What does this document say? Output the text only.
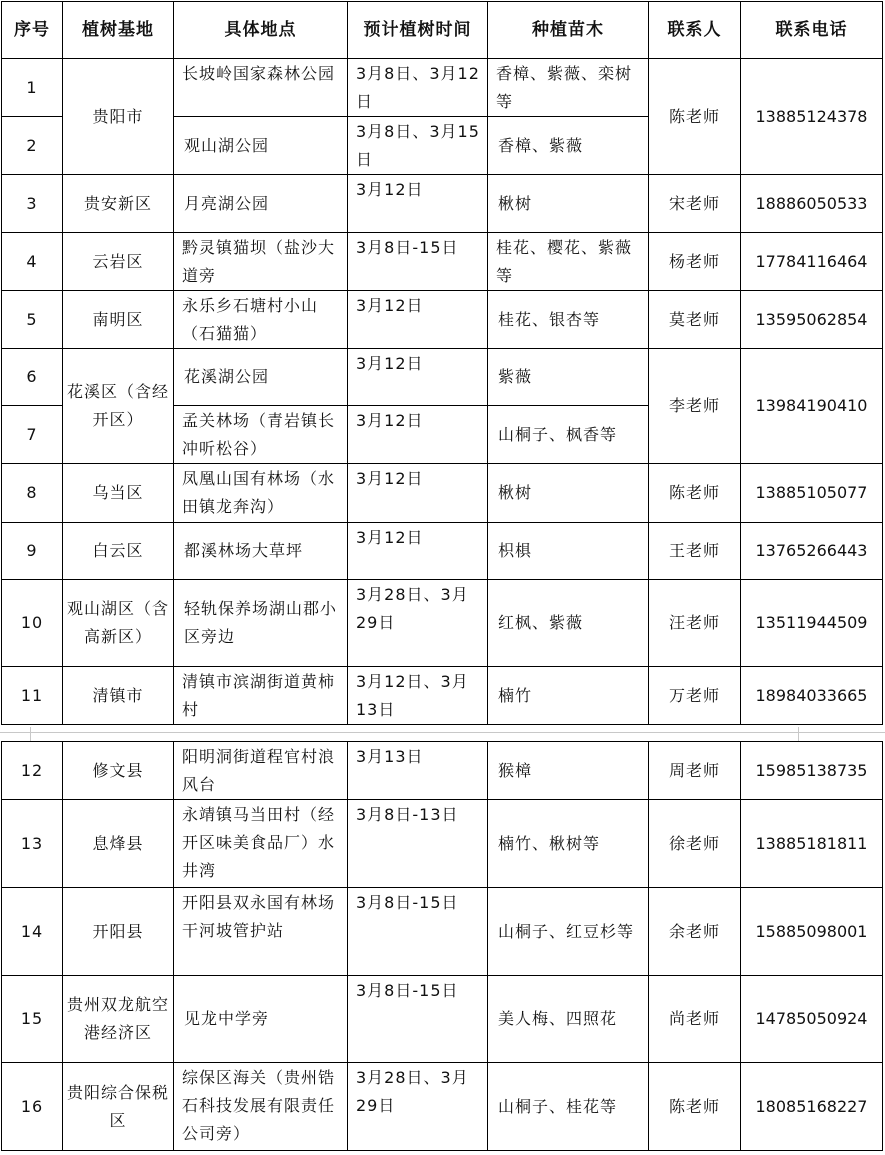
序号	植树基地	具体地点	预计植树时间	种植苗木	联系人	联系电话
1	贵阳市	长坡岭国家森林公园	3月8日、3月12日	香樟、紫薇、栾树等	陈老师	13885124378
2		观山湖公园	3月8日、3月15日	香樟、紫薇		
3	贵安新区	月亮湖公园	3月12日	楸树	宋老师	18886050533
4	云岩区	黔灵镇猫坝（盐沙大道旁	3月8日-15日	桂花、樱花、紫薇等	杨老师	17784116464
5	南明区	永乐乡石塘村小山（石猫猫）	3月12日	桂花、银杏等	莫老师	13595062854
6	花溪区（含经开区）	花溪湖公园	3月12日	紫薇	李老师	13984190410
7		孟关林场（青岩镇长冲听松谷）	3月12日	山桐子、枫香等		
8	乌当区	凤凰山国有林场（水田镇龙奔沟）	3月12日	楸树	陈老师	13885105077
9	白云区	都溪林场大草坪	3月12日	枳椇	王老师	13765266443
10	观山湖区（含高新区）	轻轨保养场湖山郡小区旁边	3月28日、3月29日	红枫、紫薇	汪老师	13511944509
11	清镇市	清镇市滨湖街道黄柿村	3月12日、3月13日	楠竹	万老师	18984033665
12	修文县	阳明洞街道程官村浪风台	3月13日	猴樟	周老师	15985138735
13	息烽县	永靖镇马当田村（经开区味美食品厂）水井湾	3月8日-13日	楠竹、楸树等	徐老师	13885181811
14	开阳县	开阳县双永国有林场干河坡管护站	3月8日-15日	山桐子、红豆杉等	余老师	15885098001
15	贵州双龙航空港经济区	见龙中学旁	3月8日-15日	美人梅、四照花	尚老师	14785050924
16	贵阳综合保税区	综保区海关（贵州锆石科技发展有限责任公司旁）	3月28日、3月29日	山桐子、桂花等	陈老师	18085168227
